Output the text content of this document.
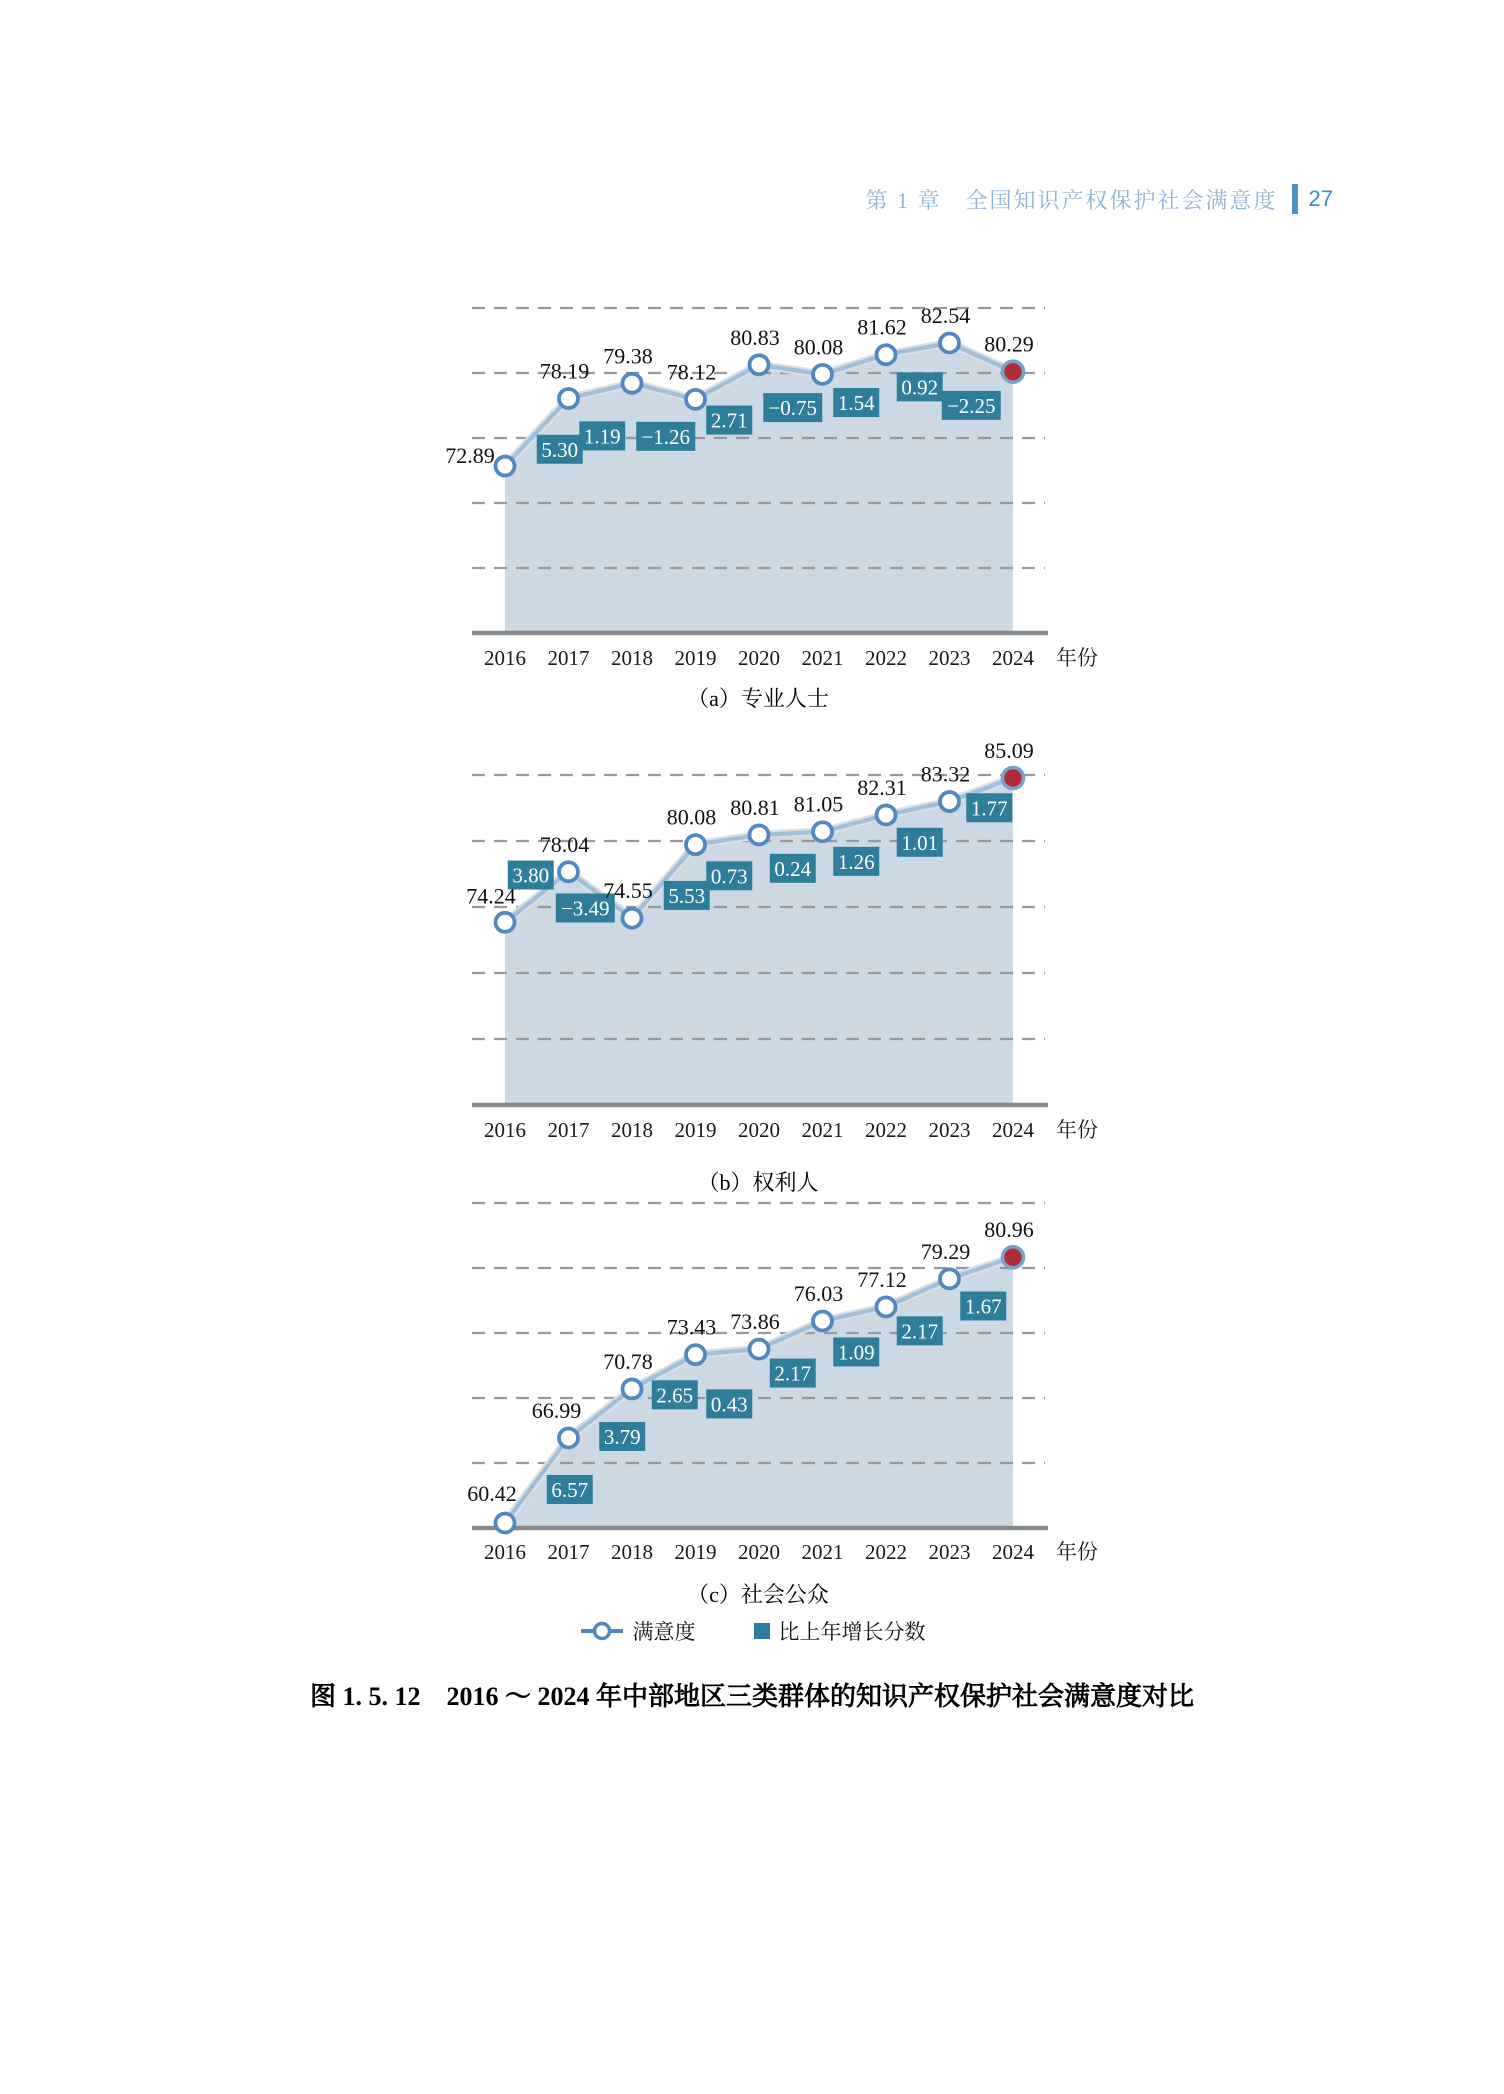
第 1 章　全国知识产权保护社会满意度 27
5.30
1.19 −1.26
2.71
−0.75 1.54
0.92
−2.25
72.89
78.19
79.38
78.12
80.83 80.08
81.62 82.54
80.29
2016 2017 2018 2019 2020 2021 2022 2023 2024 年份
（a）专业人士
3.80
−3.49
5.53
0.73 0.24 1.26
1.01
1.77
74.24
78.04
74.55
80.08 80.81 81.05
82.31
83.32
85.09
2016 2017 2018 2019 2020 2021 2022 2023 2024 年份
（b）权利人
6.57
3.79
2.65 0.43
2.17
1.09
2.17
1.67
60.42
66.99
70.78
73.43 73.86
76.03
77.12
79.29
80.96
2016 2017 2018 2019 2020 2021 2022 2023 2024 年份
（c）社会公众
满意度	比上年增长分数
图 1. 5. 12　2016 ～ 2024 年中部地区三类群体的知识产权保护社会满意度对比
